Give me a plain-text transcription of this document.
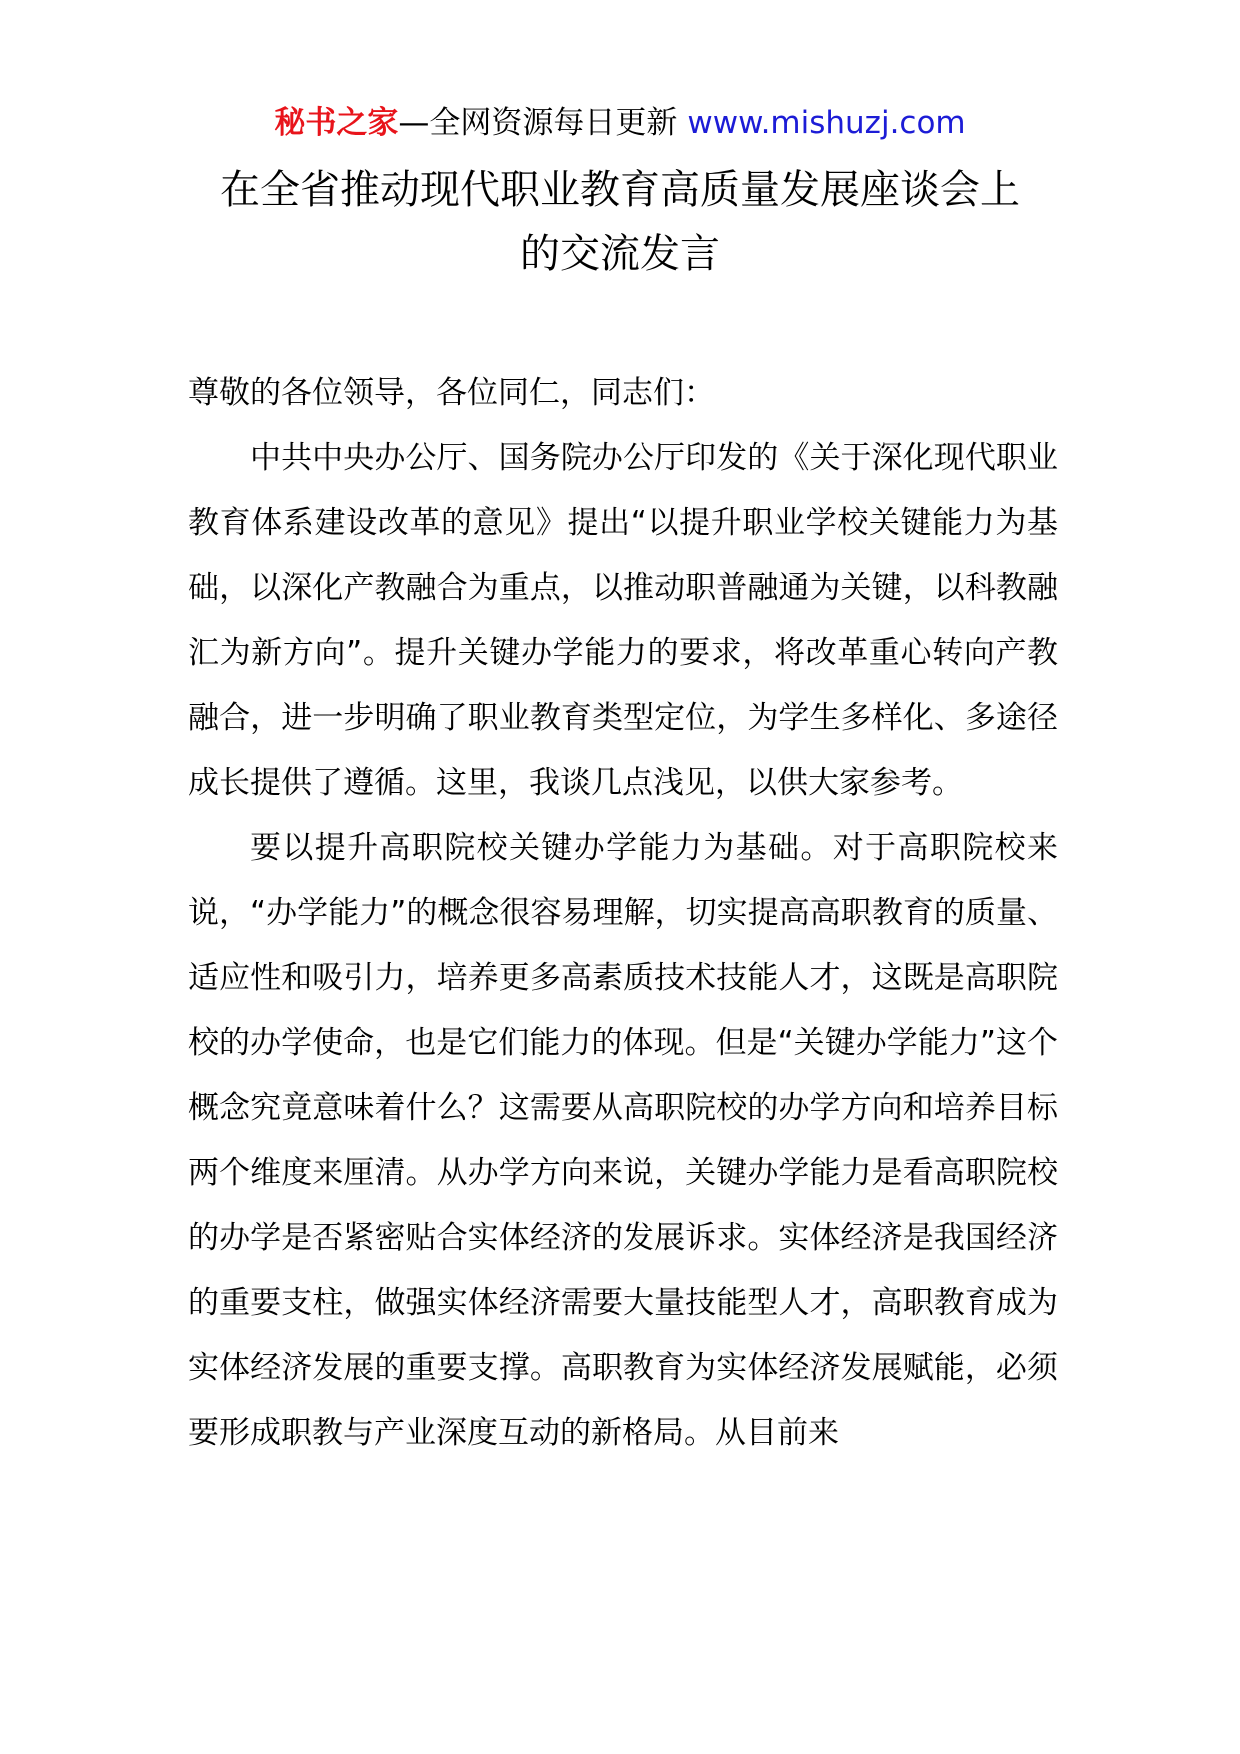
秘书之家—全网资源每日更新 www.mishuzj.com
在全省推动现代职业教育高质量发展座谈会上
的交流发言

尊敬的各位领导，各位同仁，同志们：

中共中央办公厅、国务院办公厅印发的《关于深化现代职业教育体系建设改革的意见》提出“以提升职业学校关键能力为基础，以深化产教融合为重点，以推动职普融通为关键，以科教融汇为新方向”。提升关键办学能力的要求，将改革重心转向产教融合，进一步明确了职业教育类型定位，为学生多样化、多途径成长提供了遵循。这里，我谈几点浅见，以供大家参考。

要以提升高职院校关键办学能力为基础。对于高职院校来说，“办学能力”的概念很容易理解，切实提高高职教育的质量、适应性和吸引力，培养更多高素质技术技能人才，这既是高职院校的办学使命，也是它们能力的体现。但是“关键办学能力”这个概念究竟意味着什么？这需要从高职院校的办学方向和培养目标两个维度来厘清。从办学方向来说，关键办学能力是看高职院校的办学是否紧密贴合实体经济的发展诉求。实体经济是我国经济的重要支柱，做强实体经济需要大量技能型人才，高职教育成为实体经济发展的重要支撑。高职教育为实体经济发展赋能，必须要形成职教与产业深度互动的新格局。从目前来
